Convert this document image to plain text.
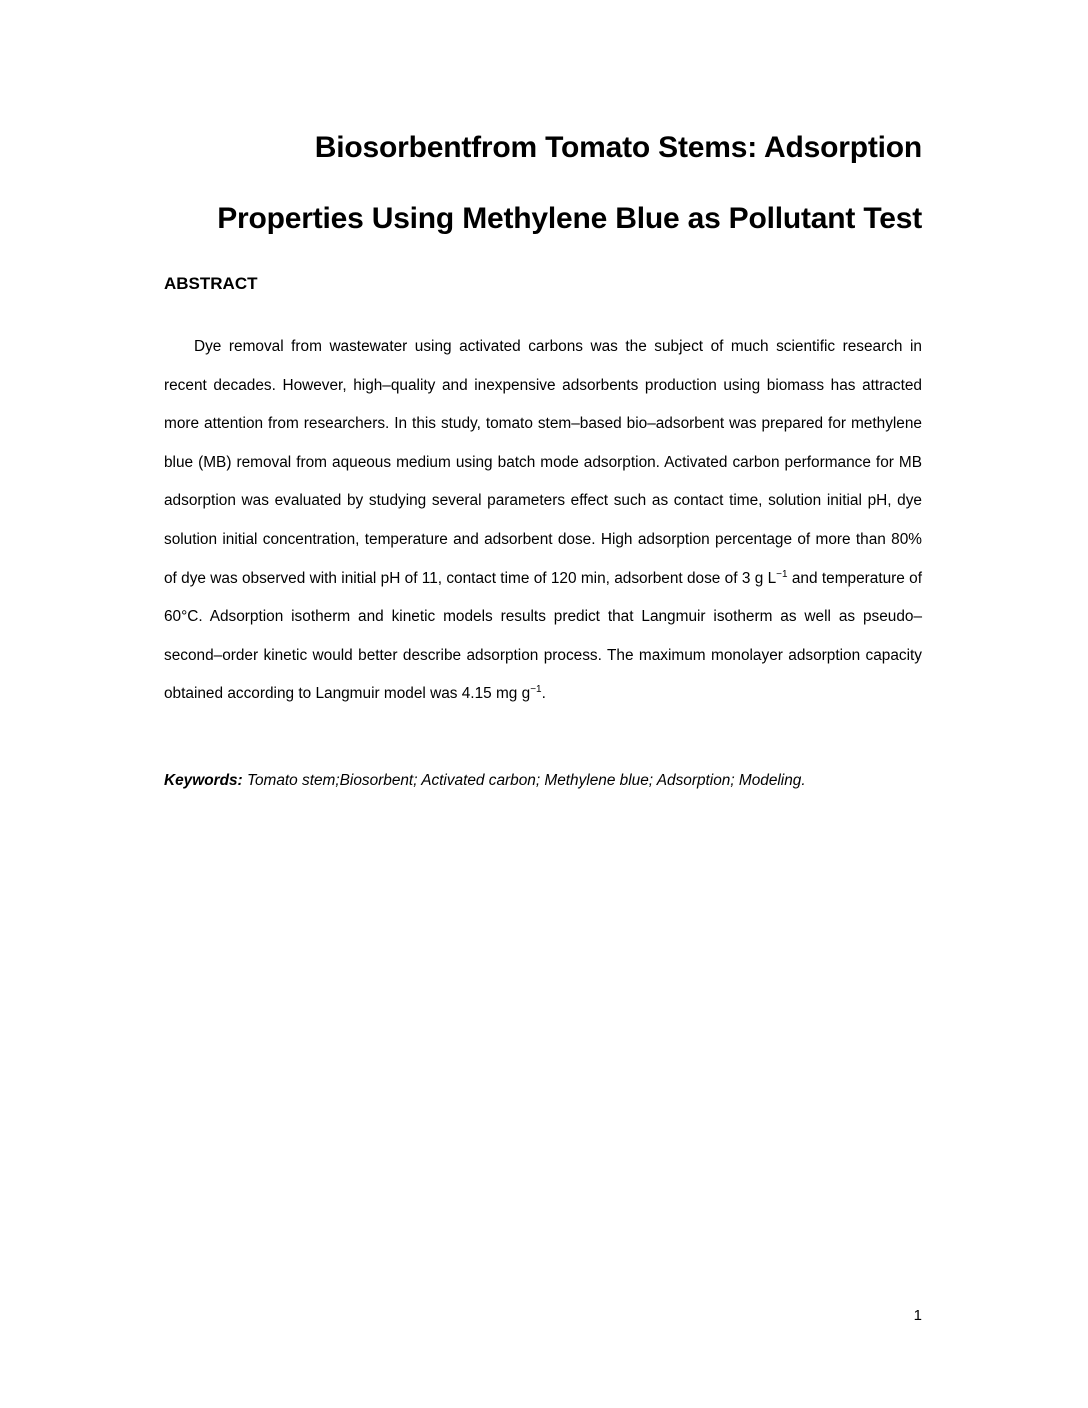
Biosorbentfrom Tomato Stems: Adsorption
Properties Using Methylene Blue as Pollutant Test
ABSTRACT

Dye removal from wastewater using activated carbons was the subject of much scientific research in recent decades. However, high–quality and inexpensive adsorbents production using biomass has attracted more attention from researchers. In this study, tomato stem–based bio–adsorbent was prepared for methylene blue (MB) removal from aqueous medium using batch mode adsorption. Activated carbon performance for MB adsorption was evaluated by studying several parameters effect such as contact time, solution initial pH, dye solution initial concentration, temperature and adsorbent dose. High adsorption percentage of more than 80% of dye was observed with initial pH of 11, contact time of 120 min, adsorbent dose of 3 g $L^{-1}$ and temperature of 60°C. Adsorption isotherm and kinetic models results predict that Langmuir isotherm as well as pseudo–second–order kinetic would better describe adsorption process. The maximum monolayer adsorption capacity obtained according to Langmuir model was 4.15 mg $g^{-1}$.

Keywords: Tomato stem;Biosorbent; Activated carbon; Methylene blue; Adsorption; Modeling.

1
